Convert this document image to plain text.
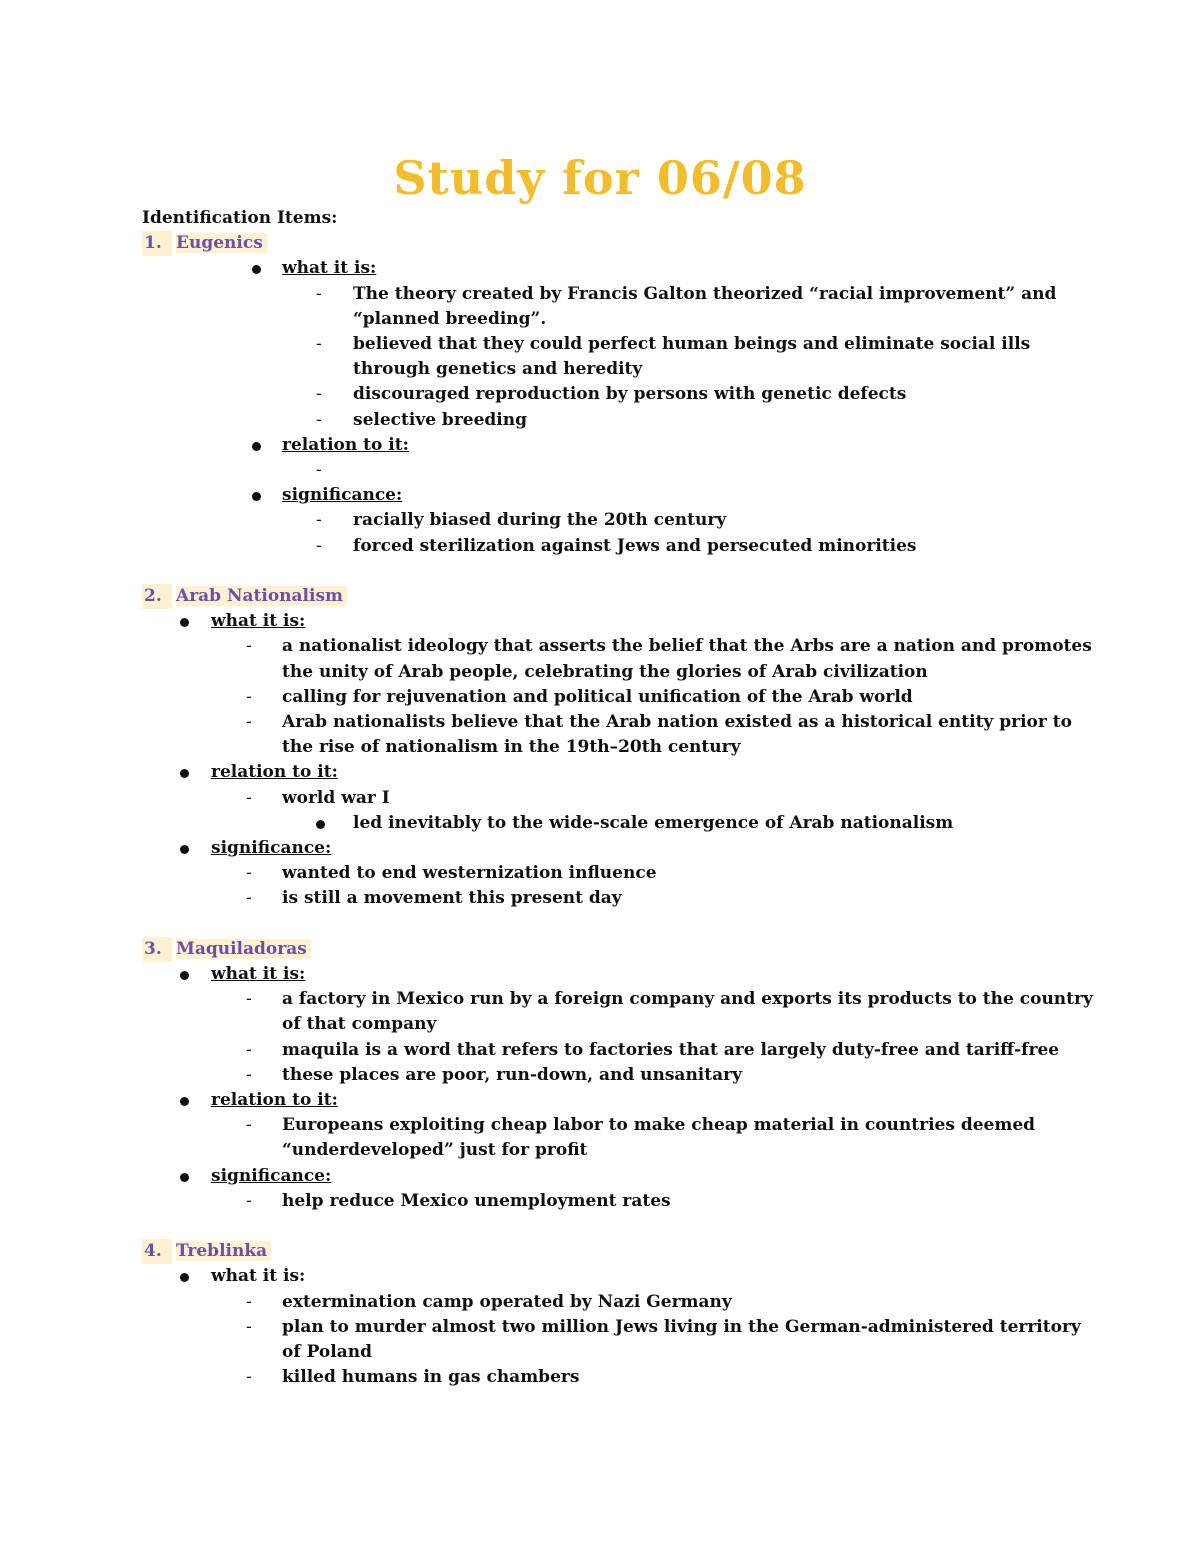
Study for 06/08
Identification Items:
1. Eugenics
what it is:
- The theory created by Francis Galton theorized “racial improvement” and “planned breeding”.
- believed that they could perfect human beings and eliminate social ills through genetics and heredity
- discouraged reproduction by persons with genetic defects
- selective breeding
relation to it:
-
significance:
- racially biased during the 20th century
- forced sterilization against Jews and persecuted minorities
2. Arab Nationalism
what it is:
- a nationalist ideology that asserts the belief that the Arbs are a nation and promotes the unity of Arab people, celebrating the glories of Arab civilization
- calling for rejuvenation and political unification of the Arab world
- Arab nationalists believe that the Arab nation existed as a historical entity prior to the rise of nationalism in the 19th–20th century
relation to it:
- world war I
led inevitably to the wide-scale emergence of Arab nationalism
significance:
- wanted to end westernization influence
- is still a movement this present day
3. Maquiladoras
what it is:
- a factory in Mexico run by a foreign company and exports its products to the country of that company
- maquila is a word that refers to factories that are largely duty-free and tariff-free
- these places are poor, run-down, and unsanitary
relation to it:
- Europeans exploiting cheap labor to make cheap material in countries deemed “underdeveloped” just for profit
significance:
- help reduce Mexico unemployment rates
4. Treblinka
what it is:
- extermination camp operated by Nazi Germany
- plan to murder almost two million Jews living in the German-administered territory of Poland
- killed humans in gas chambers
